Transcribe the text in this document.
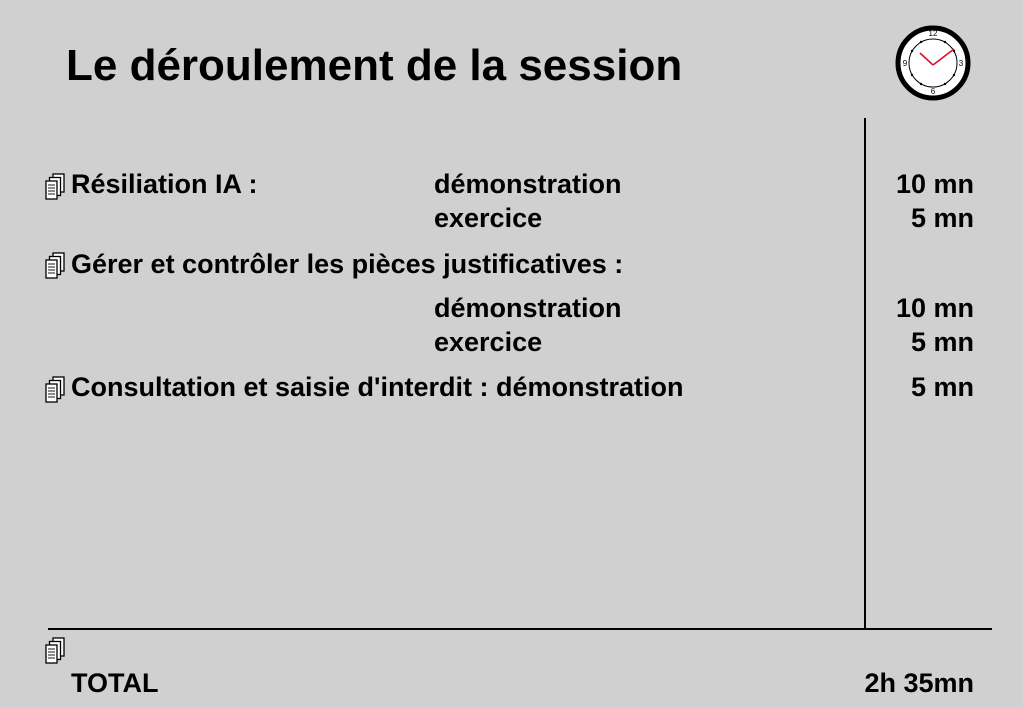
Le déroulement de la session
12
3
6
9
Résiliation IA :	démonstration	10 mn
exercice	5 mn
Gérer et contrôler les pièces justificatives :
démonstration	10 mn
exercice	5 mn
Consultation et saisie d'interdit : démonstration	5 mn
TOTAL	2h 35mn
